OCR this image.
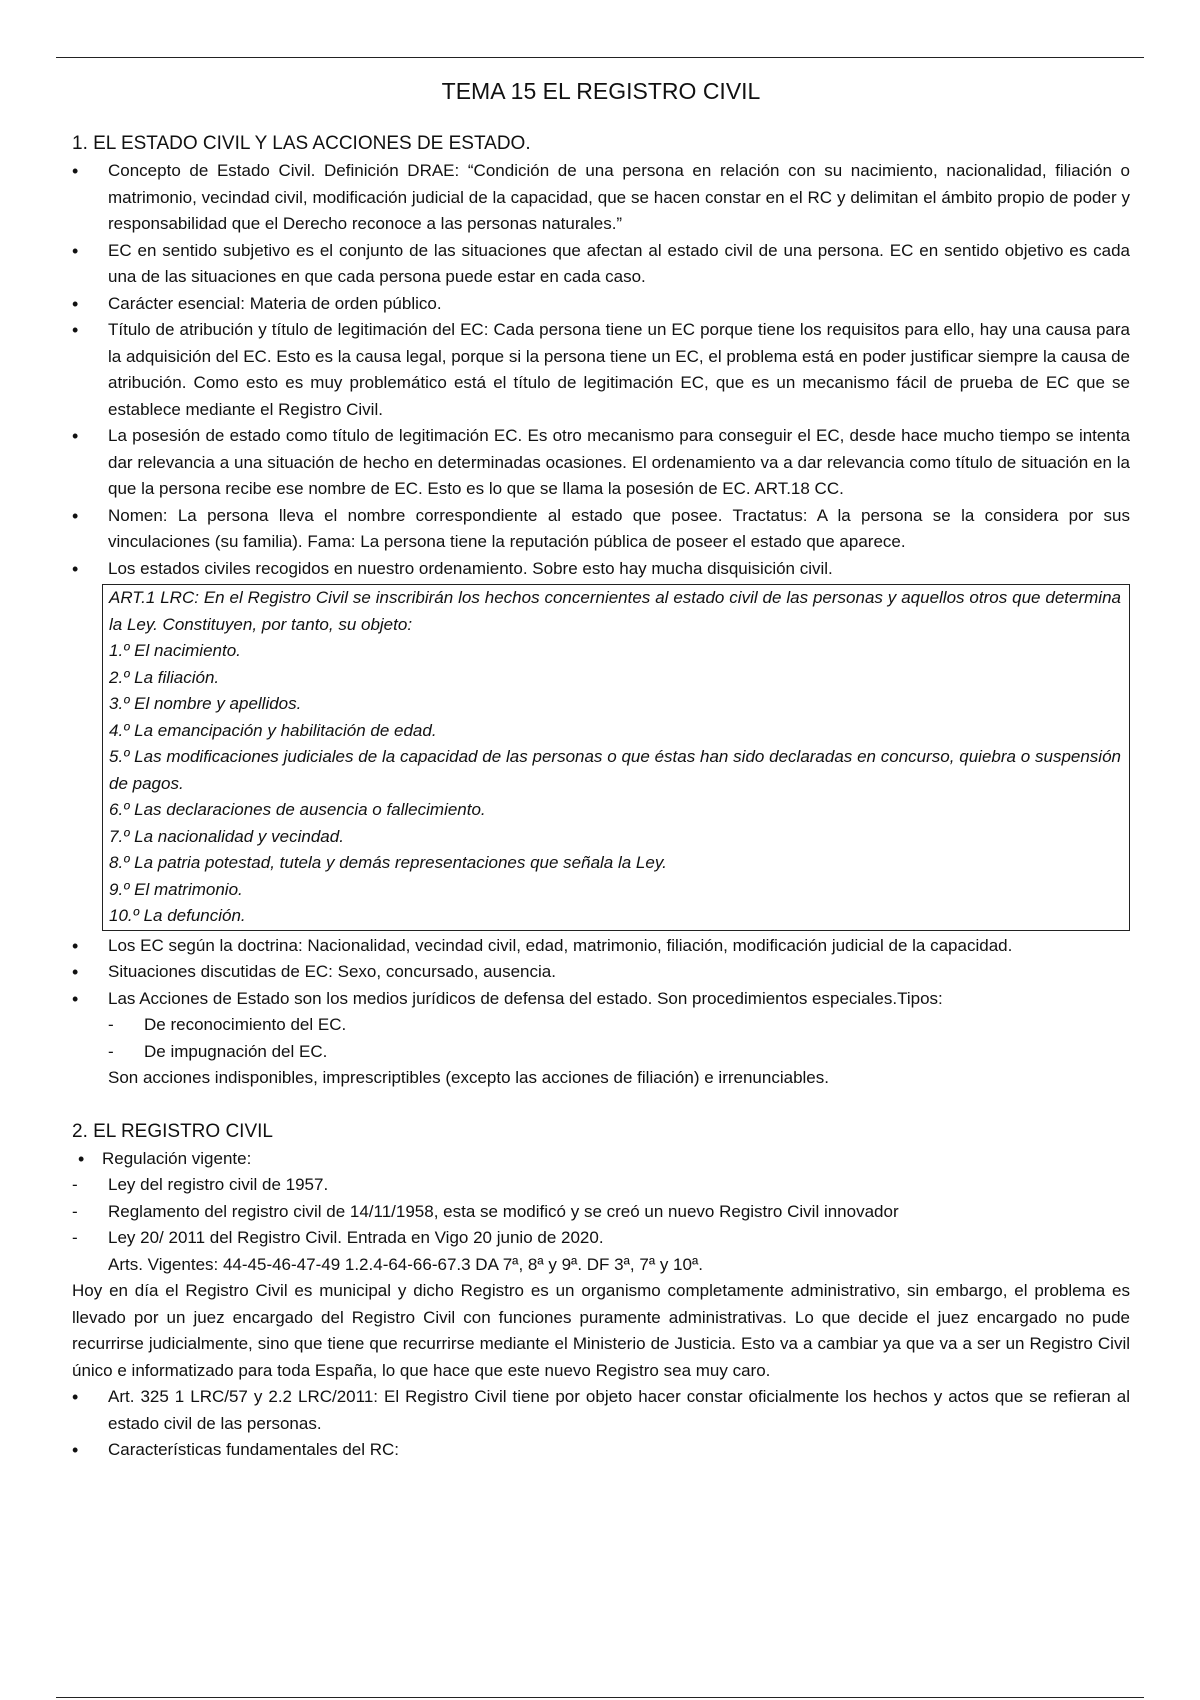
TEMA 15 EL REGISTRO CIVIL
1. EL ESTADO CIVIL Y LAS ACCIONES DE ESTADO.
• Concepto de Estado Civil. Definición DRAE: “Condición de una persona en relación con su nacimiento, nacionalidad, filiación o matrimonio, vecindad civil, modificación judicial de la capacidad, que se hacen constar en el RC y delimitan el ámbito propio de poder y responsabilidad que el Derecho reconoce a las personas naturales.”
• EC en sentido subjetivo es el conjunto de las situaciones que afectan al estado civil de una persona. EC en sentido objetivo es cada una de las situaciones en que cada persona puede estar en cada caso.
• Carácter esencial: Materia de orden público.
• Título de atribución y título de legitimación del EC: Cada persona tiene un EC porque tiene los requisitos para ello, hay una causa para la adquisición del EC. Esto es la causa legal, porque si la persona tiene un EC, el problema está en poder justificar siempre la causa de atribución. Como esto es muy problemático está el título de legitimación EC, que es un mecanismo fácil de prueba de EC que se establece mediante el Registro Civil.
• La posesión de estado como título de legitimación EC. Es otro mecanismo para conseguir el EC, desde hace mucho tiempo se intenta dar relevancia a una situación de hecho en determinadas ocasiones. El ordenamiento va a dar relevancia como título de situación en la que la persona recibe ese nombre de EC. Esto es lo que se llama la posesión de EC. ART.18 CC.
• Nomen: La persona lleva el nombre correspondiente al estado que posee. Tractatus: A la persona se la considera por sus vinculaciones (su familia). Fama: La persona tiene la reputación pública de poseer el estado que aparece.
• Los estados civiles recogidos en nuestro ordenamiento. Sobre esto hay mucha disquisición civil.

ART.1 LRC: En el Registro Civil se inscribirán los hechos concernientes al estado civil de las personas y aquellos otros que determina la Ley. Constituyen, por tanto, su objeto:

1.º El nacimiento.

2.º La filiación.

3.º El nombre y apellidos.

4.º La emancipación y habilitación de edad.

5.º Las modificaciones judiciales de la capacidad de las personas o que éstas han sido declaradas en concurso, quiebra o suspensión de pagos.

6.º Las declaraciones de ausencia o fallecimiento.

7.º La nacionalidad y vecindad.

8.º La patria potestad, tutela y demás representaciones que señala la Ley.

9.º El matrimonio.

10.º La defunción.

• Los EC según la doctrina: Nacionalidad, vecindad civil, edad, matrimonio, filiación, modificación judicial de la capacidad.
• Situaciones discutidas de EC: Sexo, concursado, ausencia.
• Las Acciones de Estado son los medios jurídicos de defensa del estado. Son procedimientos especiales.Tipos:
- De reconocimiento del EC.
- De impugnación del EC.

Son acciones indisponibles, imprescriptibles (excepto las acciones de filiación) e irrenunciables.

2. EL REGISTRO CIVIL
• Regulación vigente:
- Ley del registro civil de 1957.
- Reglamento del registro civil de 14/11/1958, esta se modificó y se creó un nuevo Registro Civil innovador
- Ley 20/ 2011 del Registro Civil. Entrada en Vigo 20 junio de 2020.

Arts. Vigentes: 44-45-46-47-49 1.2.4-64-66-67.3 DA 7ª, 8ª y 9ª. DF 3ª, 7ª y 10ª.

Hoy en día el Registro Civil es municipal y dicho Registro es un organismo completamente administrativo, sin embargo, el problema es llevado por un juez encargado del Registro Civil con funciones puramente administrativas. Lo que decide el juez encargado no pude recurrirse judicialmente, sino que tiene que recurrirse mediante el Ministerio de Justicia. Esto va a cambiar ya que va a ser un Registro Civil único e informatizado para toda España, lo que hace que este nuevo Registro sea muy caro.

• Art. 325 1 LRC/57 y 2.2 LRC/2011: El Registro Civil tiene por objeto hacer constar oficialmente los hechos y actos que se refieran al estado civil de las personas.
• Características fundamentales del RC:
